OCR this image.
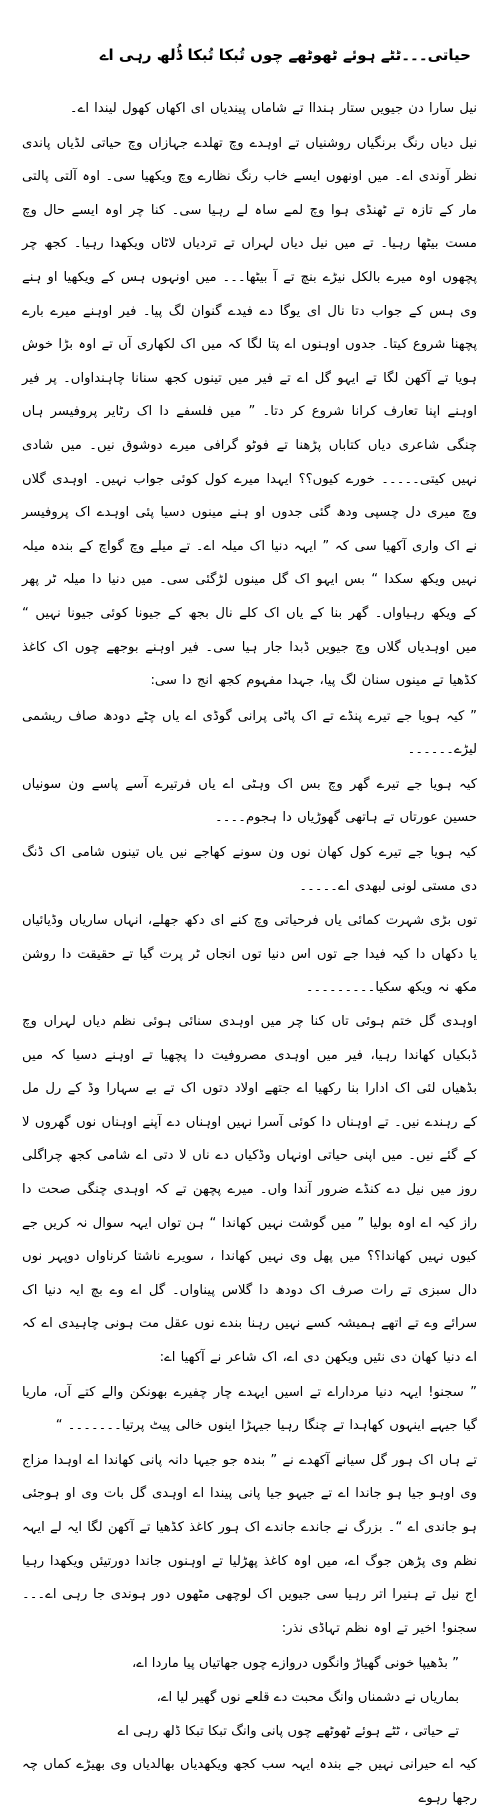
حیاتی۔۔۔ٹٹے ہوئے ٹھوٹھے چوں تُبکا تُبکا ڈُلھ رہی اے

نیل سارا دن جیویں ستار ہنداا تے شاماں پیندیاں ای اکھاں کھول لیندا اے۔

نیل دیاں رنگ برنگیاں روشنیاں تے اوہدے وچ تھلدے جہازاں وچ حیاتی لڈیاں پاندی نظر آوندی اے۔ میں اونھوں ایسے خاب رنگ نظارے وچ ویکھیا سی۔ اوہ آلتی پالتی مار کے تازہ تے ٹھنڈی ہوا وچ لمے ساہ لے رہیا سی۔ کنا چر اوہ ایسے حال وچ مست بیٹھا رہیا۔ تے میں نیل دیاں لہراں تے تردیاں لاٹاں ویکھدا رہیا۔ کجھ چر پچھوں اوہ میرے بالکل نیڑے بنچ تے آ بیٹھا۔۔۔ میں اونہوں ہس کے ویکھیا او ہنے وی ہس کے جواب دتا نال ای یوگا دے فیدے گنوان لگ پیا۔ فیر اوہنے میرے بارے پچھنا شروع کیتا۔ جدوں اوہنوں اے پتا لگا کہ میں اک لکھاری آں تے اوہ بڑا خوش ہویا تے آکھن لگا تے ایہو گل اے تے فیر میں تینوں کجھ سنانا چاہنداواں۔ پر فیر اوہنے اپنا تعارف کرانا شروع کر دتا۔ ” میں فلسفے دا اک رٹایر پروفیسر ہاں چنگی شاعری دیاں کتاباں پڑھنا تے فوٹو گرافی میرے دوشوق نیں۔ میں شادی نہیں کیتی۔۔۔۔۔ خورے کیوں؟؟ ایہدا میرے کول کوئی جواب نہیں۔ اوہدی گلاں وچ میری دل چسپی ودھ گئی جدوں او ہنے مینوں دسیا پئی اوہدے اک پروفیسر نے اک واری آکھیا سی کہ ” ایہہ دنیا اک میلہ اے۔ تے میلے وچ گواچ کے بندہ میلہ نہیں ویکھ سکدا “ بس ایہو اک گل مینوں لڑگئی سی۔ میں دنیا دا میلہ ٹر پھر کے ویکھ رہیاواں۔ گھر بنا کے یاں اک کلے نال بجھ کے جیونا کوئی جیونا نہیں “ میں اوہدیاں گلاں وچ جیویں ڈبدا جار ہیا سی۔ فیر اوہنے بوجھے چوں اک کاغذ کڈھیا تے مینوں سنان لگ پیا، جہدا مفہوم کجھ انج دا سی:

” کیہ ہویا جے تیرے پنڈے تے اک پاٹی پرانی گوڈی اے یاں چٹے دودھ صاف ریشمی لیڑے۔۔۔۔۔۔

کیہ ہویا جے تیرے گھر وچ بس اک وہٹی اے یاں فرتیرے آسے پاسے ون سونیاں حسین عورتاں تے ہاتھی گھوڑیاں دا ہجوم۔۔۔۔

کیہ ہویا جے تیرے کول کھان نوں ون سونے کھاجے نیں یاں تینوں شامی اک ڈنگ دی مستی لونی لبھدی اے۔۔۔۔۔

توں بڑی شہرت کمائی یاں فرحیاتی وچ کنے ای دکھ جھلے، انہاں ساریاں وڈیائیاں یا دکھاں دا کیہ فیدا جے توں اس دنیا توں انجاں ٹر پرت گیا تے حقیقت دا روشن مکھ نہ ویکھ سکیا۔۔۔۔۔۔۔۔۔

اوہدی گل ختم ہوئی تاں کنا چر میں اوہدی سنائی ہوئی نظم دیاں لہراں وچ ڈبکیاں کھاندا رہیا، فیر میں اوہدی مصروفیت دا پچھیا تے اوہنے دسیا کہ میں بڈھیاں لئی اک ادارا بنا رکھیا اے جتھے اولاد دتوں اک تے بے سہارا وڈ کے رل مل کے رہندے نیں۔ تے اوہناں دا کوئی آسرا نہیں اوہناں دے آپنے اوہناں نوں گھروں لا کے گئے نیں۔ میں اپنی حیاتی اونہاں وڈکیاں دے ناں لا دتی اے شامی کجھ چراگلی روز میں نیل دے کنڈے ضرور آندا واں۔ میرے پچھن تے کہ اوہدی چنگی صحت دا راز کیہ اے اوہ بولیا ” میں گوشت نہیں کھاندا “ ہن تواں ایہہ سوال نہ کریں جے کیوں نہیں کھاندا؟؟ میں پھل وی نہیں کھاندا ، سویرے ناشتا کرناواں دوپہر نوں دال سبزی تے رات صرف اک دودھ دا گلاس پیناواں۔ گل اے وے بچ ایہ دنیا اک سرائے وے تے اتھے ہمیشہ کسے نہیں رہنا بندے نوں عقل مت ہونی چاہیدی اے کہ اے دنیا کھان دی نئیں ویکھن دی اے، اک شاعر نے آکھیا اے:

” سجنو! ایہہ دنیا مرداراے تے اسیں ایہدے چار چفیرے بھونکن والے کتے آں، ماریا گیا جیہے اینہوں کھاہدا تے چنگا رہیا جیہڑا اینوں خالی پیٹ پرتیا۔۔۔۔۔۔۔ “

تے ہاں اک ہور گل سیانے آکھدے نے ” بندہ جو جیہا دانہ پانی کھاندا اے اوہدا مزاج وی اوہو جیا ہو جاندا اے تے جیہو جیا پانی پیندا اے اوہدی گل بات وی او ہوجئی ہو جاندی اے “۔ بزرگ نے جاندے جاندے اک ہور کاغذ کڈھیا تے آکھن لگا ایہ لے ایہہ نظم وی پڑھن جوگ اے، میں اوہ کاغذ پھڑلیا تے اوہنوں جاندا دورتیئں ویکھدا رہیا اج نیل تے ہنیرا اتر رہیا سی جیویں اک لوچھی مٹھوں دور ہوندی جا رہی اے۔۔۔ سجنو! اخیر تے اوہ نظم تہاڈی نذر:

” بڈھیپا خونی گھیاڑ وانگوں دروازے چوں جھاتیاں پیا ماردا اے،

بماریاں نے دشمناں وانگ محبت دے قلعے نوں گھیر لیا اے،

تے حیاتی ، ٹٹے ہوئے ٹھوٹھے چوں پانی وانگ تبکا تبکا ڈلھ رہی اے

کیہ اے حیرانی نہیں جے بندہ ایہہ سب کجھ ویکھدیاں بھالدیاں وی بھیڑے کماں چہ رجھا رہوے
